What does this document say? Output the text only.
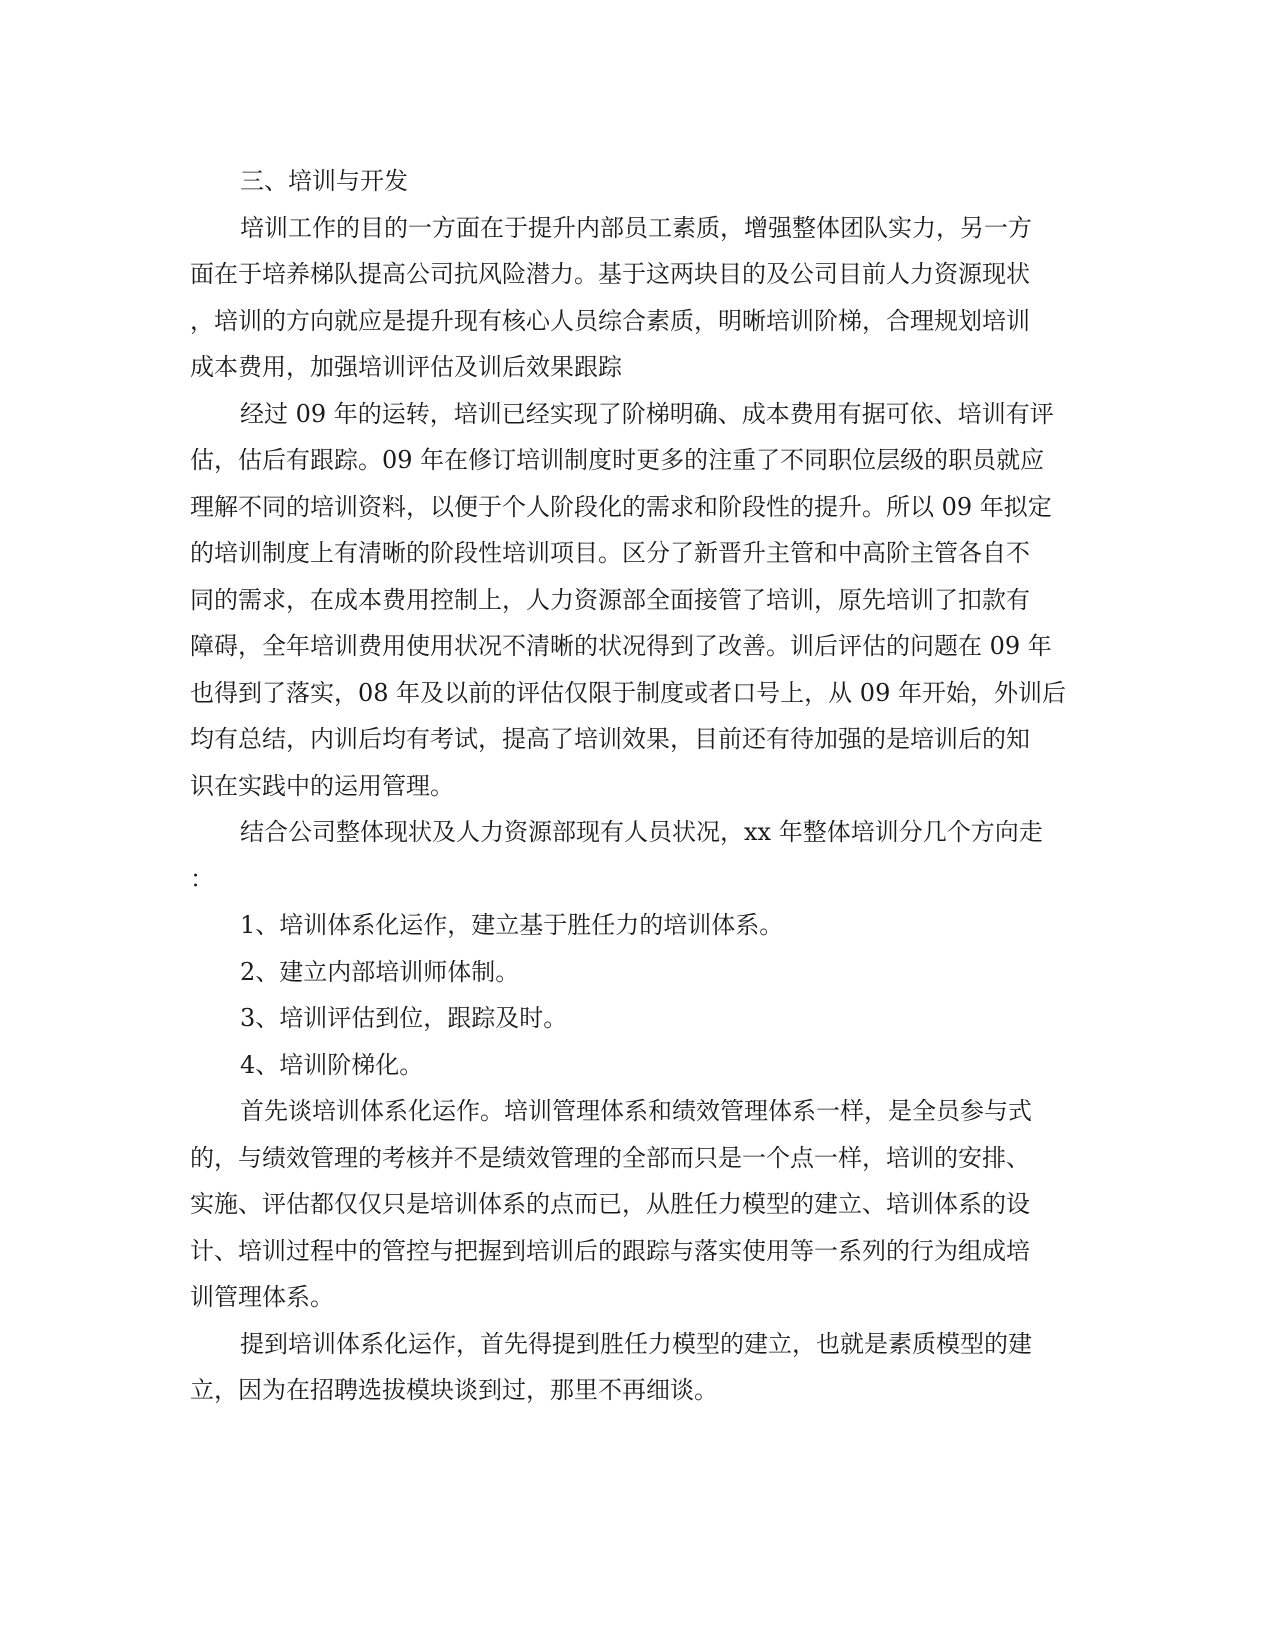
三、培训与开发
培训工作的目的一方面在于提升内部员工素质，增强整体团队实力，另一方
面在于培养梯队提高公司抗风险潜力。基于这两块目的及公司目前人力资源现状
，培训的方向就应是提升现有核心人员综合素质，明晰培训阶梯，合理规划培训
成本费用，加强培训评估及训后效果跟踪
经过 09 年的运转，培训已经实现了阶梯明确、成本费用有据可依、培训有评
估，估后有跟踪。09 年在修订培训制度时更多的注重了不同职位层级的职员就应
理解不同的培训资料，以便于个人阶段化的需求和阶段性的提升。所以 09 年拟定
的培训制度上有清晰的阶段性培训项目。区分了新晋升主管和中高阶主管各自不
同的需求，在成本费用控制上，人力资源部全面接管了培训，原先培训了扣款有
障碍，全年培训费用使用状况不清晰的状况得到了改善。训后评估的问题在 09 年
也得到了落实，08 年及以前的评估仅限于制度或者口号上，从 09 年开始，外训后
均有总结，内训后均有考试，提高了培训效果，目前还有待加强的是培训后的知
识在实践中的运用管理。
结合公司整体现状及人力资源部现有人员状况，xx 年整体培训分几个方向走
：
1、培训体系化运作，建立基于胜任力的培训体系。
2、建立内部培训师体制。
3、培训评估到位，跟踪及时。
4、培训阶梯化。
首先谈培训体系化运作。培训管理体系和绩效管理体系一样，是全员参与式
的，与绩效管理的考核并不是绩效管理的全部而只是一个点一样，培训的安排、
实施、评估都仅仅只是培训体系的点而已，从胜任力模型的建立、培训体系的设
计、培训过程中的管控与把握到培训后的跟踪与落实使用等一系列的行为组成培
训管理体系。
提到培训体系化运作，首先得提到胜任力模型的建立，也就是素质模型的建
立，因为在招聘选拔模块谈到过，那里不再细谈。
